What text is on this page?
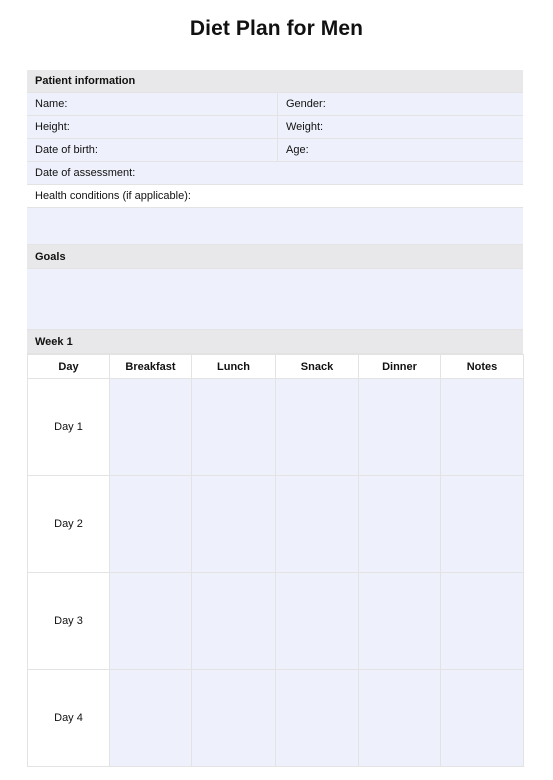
Diet Plan for Men
Patient information
Name:	Gender:
Height:	Weight:
Date of birth:	Age:
Date of assessment:
Health conditions (if applicable):
Goals
Week 1
Day	Breakfast	Lunch	Snack	Dinner	Notes
Day 1					
Day 2					
Day 3					
Day 4					
